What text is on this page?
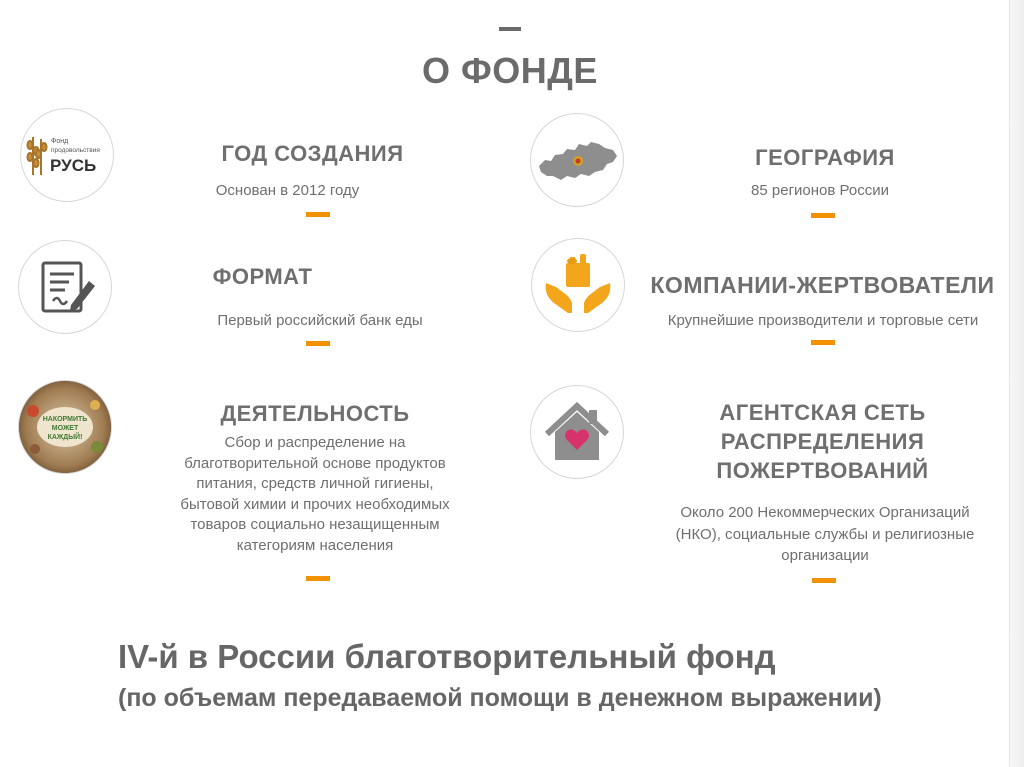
О ФОНДЕ
Фонд
продовольствия
РУСЬ	ГОД СОЗДАНИЯ
Основан в 2012 году
ГЕОГРАФИЯ
85 регионов России
ФОРМАТ
Первый российский банк еды
КОМПАНИИ-ЖЕРТВОВАТЕЛИ
Крупнейшие производители и торговые сети
НАКОРМИТЬ
МОЖЕТ
КАЖДЫЙ!
ДЕЯТЕЛЬНОСТЬ
Сбор и распределение на
благотворительной основе продуктов
питания, средств личной гигиены,
бытовой химии и прочих необходимых
товаров социально незащищенным
категориям населения
АГЕНТСКАЯ СЕТЬ
РАСПРЕДЕЛЕНИЯ
ПОЖЕРТВОВАНИЙ
Около 200 Некоммерческих Организаций
(НКО), социальные службы и религиозные
организации
IV-й в России благотворительный фонд
(по объемам передаваемой помощи в денежном выражении)
